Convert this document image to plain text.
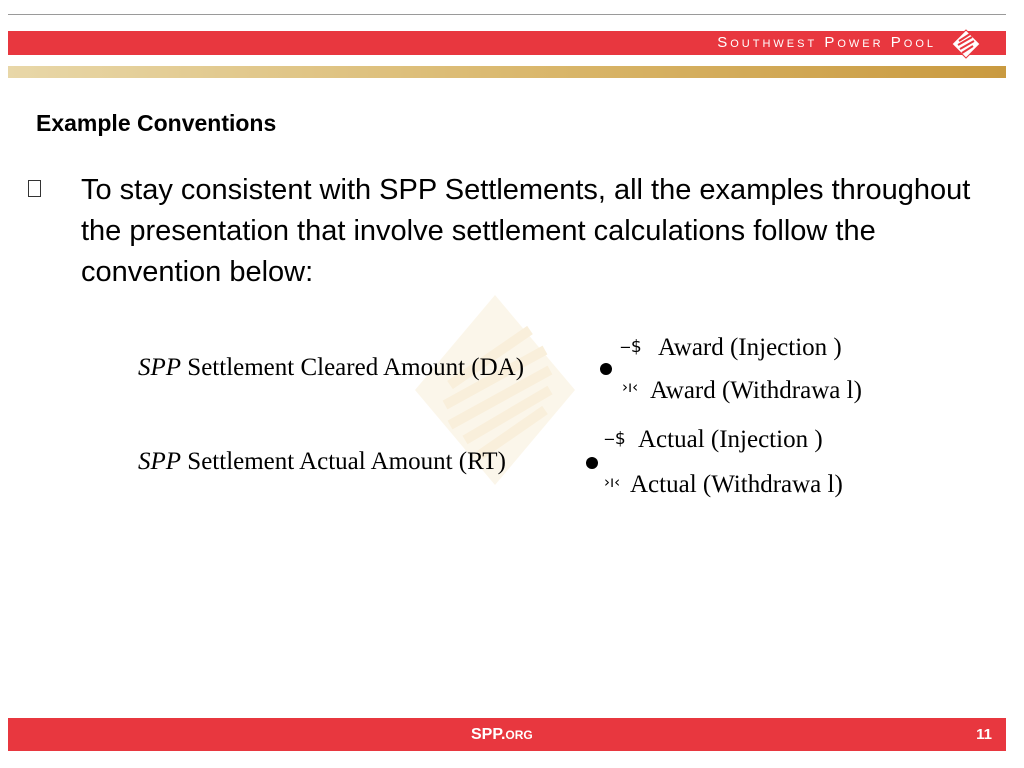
Southwest Power Pool
Example Conventions
To stay consistent with SPP Settlements, all the examples throughout the presentation that involve settlement calculations follow the convention below:
SPP Settlement Cleared Amount (DA)
‒$ Award (Injection )
›ı‹ Award (Withdrawa l)
SPP Settlement Actual Amount (RT)
‒$ Actual (Injection )
›ı‹ Actual (Withdrawa l)
SPP.ORG	11
